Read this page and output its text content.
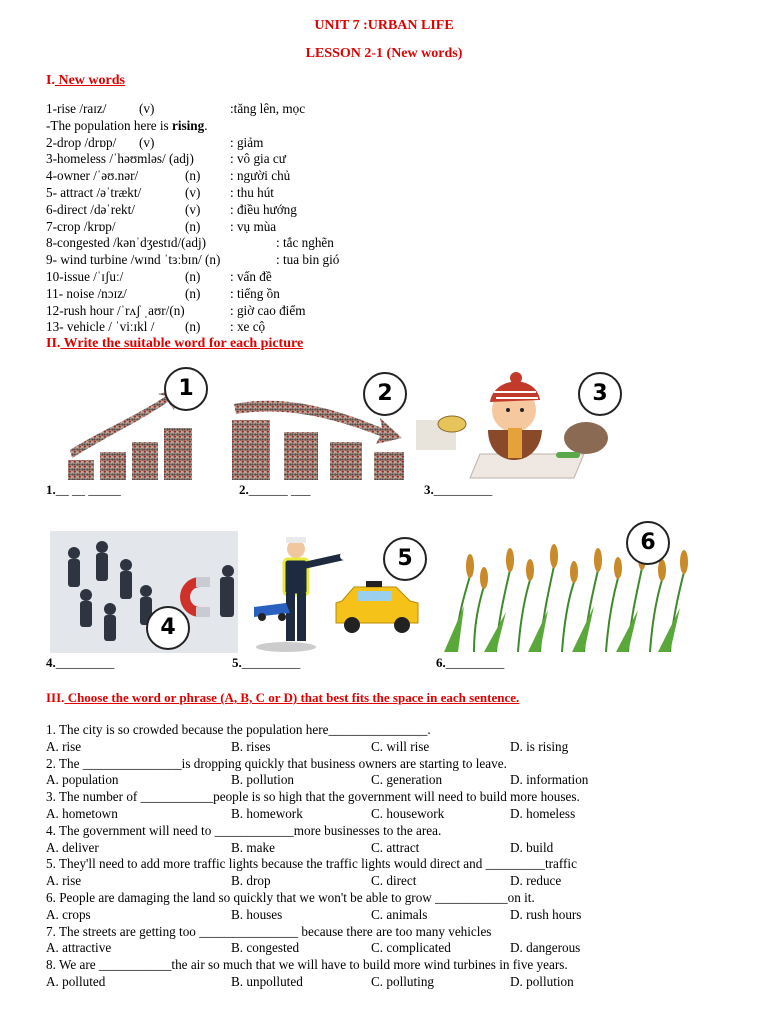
UNIT 7 :URBAN LIFE
LESSON 2-1 (New words)
I. New words
1-rise /raɪz/ (v)	:tăng lên, mọc
-The population here is rising.
2-drop /drɒp/ (v)	: giảm
3-homeless /ˈhəʊmləs/ (adj)	: vô gia cư
4-owner /ˈəʊ.nər/	(n) : người chủ
5- attract /əˈtrækt/	(v) : thu hút
6-direct /dəˈrekt/	(v) : điều hướng
7-crop /krɒp/	(n) : vụ mùa
8-congested /kənˈdʒestɪd/(adj)	: tắc nghẽn
9- wind turbine /wɪnd ˈtɜːbɪn/ (n)	: tua bin gió
10-issue /ˈɪʃuː/	(n) : vấn đề
11- noise /nɔɪz/	(n) : tiếng ồn
12-rush hour /ˈrʌʃ ˌaʊr/(n)	: giờ cao điểm
13- vehicle / ˈviːɪkl / (n) : xe cộ
II. Write the suitable word for each picture
1	2	3
1.__ __ _____	2.______ ___	3._________
4
5
6
4._________	5._________	6._________
III. Choose the word or phrase (A, B, C or D) that best fits the space in each sentence.
1. The city is so crowded because the population here_______________.
A. rise	B. rises	C. will rise	D. is rising
2. The _______________is dropping quickly that business owners are starting to leave.
A. population	B. pollution	C. generation	D. information
3. The number of ___________people is so high that the government will need to build more houses.
A. hometown	B. homework	C. housework	D. homeless
4. The government will need to ____________more businesses to the area.
A. deliver	B. make	C. attract	D. build
5. They'll need to add more traffic lights because the traffic lights would direct and _________traffic
A. rise	B. drop	C. direct	D. reduce
6. People are damaging the land so quickly that we won't be able to grow ___________on it.
A. crops	B. houses	C. animals	D. rush hours
7. The streets are getting too _______________ because there are too many vehicles
A. attractive	B. congested	C. complicated	D. dangerous
8. We are ___________the air so much that we will have to build more wind turbines in five years.
A. polluted	B. unpolluted	C. polluting	D. pollution
